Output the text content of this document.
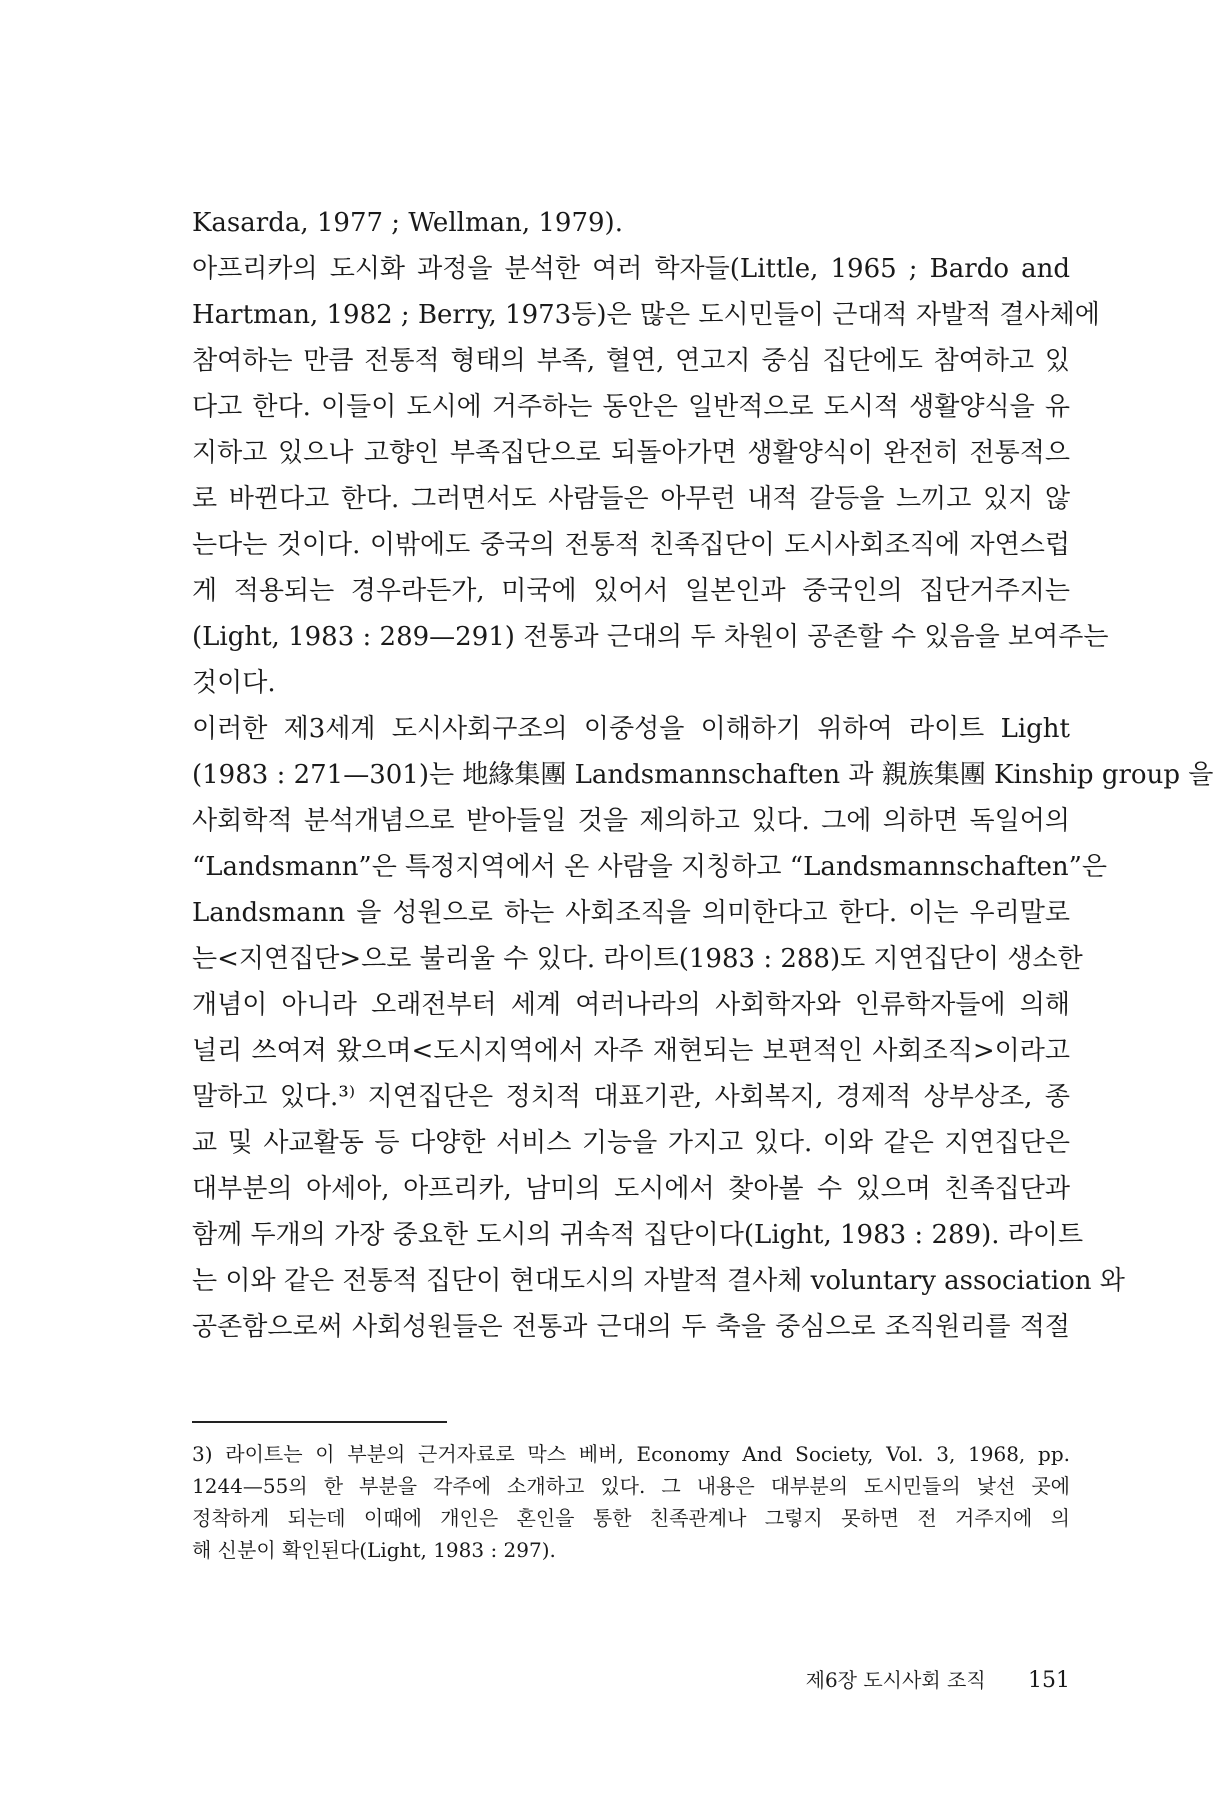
Kasarda, 1977 ; Wellman, 1979).
아프리카의 도시화 과정을 분석한 여러 학자들(Little, 1965 ; Bardo and
Hartman, 1982 ; Berry, 1973등)은 많은 도시민들이 근대적 자발적 결사체에
참여하는 만큼 전통적 형태의 부족, 혈연, 연고지 중심 집단에도 참여하고 있
다고 한다. 이들이 도시에 거주하는 동안은 일반적으로 도시적 생활양식을 유
지하고 있으나 고향인 부족집단으로 되돌아가면 생활양식이 완전히 전통적으
로 바뀐다고 한다. 그러면서도 사람들은 아무런 내적 갈등을 느끼고 있지 않
는다는 것이다. 이밖에도 중국의 전통적 친족집단이 도시사회조직에 자연스럽
게 적용되는 경우라든가, 미국에 있어서 일본인과 중국인의 집단거주지는
(Light, 1983 : 289—291) 전통과 근대의 두 차원이 공존할 수 있음을 보여주는
것이다.
이러한 제3세계 도시사회구조의 이중성을 이해하기 위하여 라이트 Light
(1983 : 271—301)는 地緣集團 Landsmannschaften 과 親族集團 Kinship group 을
사회학적 분석개념으로 받아들일 것을 제의하고 있다. 그에 의하면 독일어의
“Landsmann”은 특정지역에서 온 사람을 지칭하고 “Landsmannschaften”은
Landsmann 을 성원으로 하는 사회조직을 의미한다고 한다. 이는 우리말로
는<지연집단>으로 불리울 수 있다. 라이트(1983 : 288)도 지연집단이 생소한
개념이 아니라 오래전부터 세계 여러나라의 사회학자와 인류학자들에 의해
널리 쓰여져 왔으며<도시지역에서 자주 재현되는 보편적인 사회조직>이라고
말하고 있다.³⁾ 지연집단은 정치적 대표기관, 사회복지, 경제적 상부상조, 종
교 및 사교활동 등 다양한 서비스 기능을 가지고 있다. 이와 같은 지연집단은
대부분의 아세아, 아프리카, 남미의 도시에서 찾아볼 수 있으며 친족집단과
함께 두개의 가장 중요한 도시의 귀속적 집단이다(Light, 1983 : 289). 라이트
는 이와 같은 전통적 집단이 현대도시의 자발적 결사체 voluntary association 와
공존함으로써 사회성원들은 전통과 근대의 두 축을 중심으로 조직원리를 적절
3) 라이트는 이 부분의 근거자료로 막스 베버, Economy And Society, Vol. 3, 1968, pp.
1244—55의 한 부분을 각주에 소개하고 있다. 그 내용은 대부분의 도시민들의 낯선 곳에
정착하게 되는데 이때에 개인은 혼인을 통한 친족관계나 그렇지 못하면 전 거주지에 의
해 신분이 확인된다(Light, 1983 : 297).
제6장 도시사회 조직 151
